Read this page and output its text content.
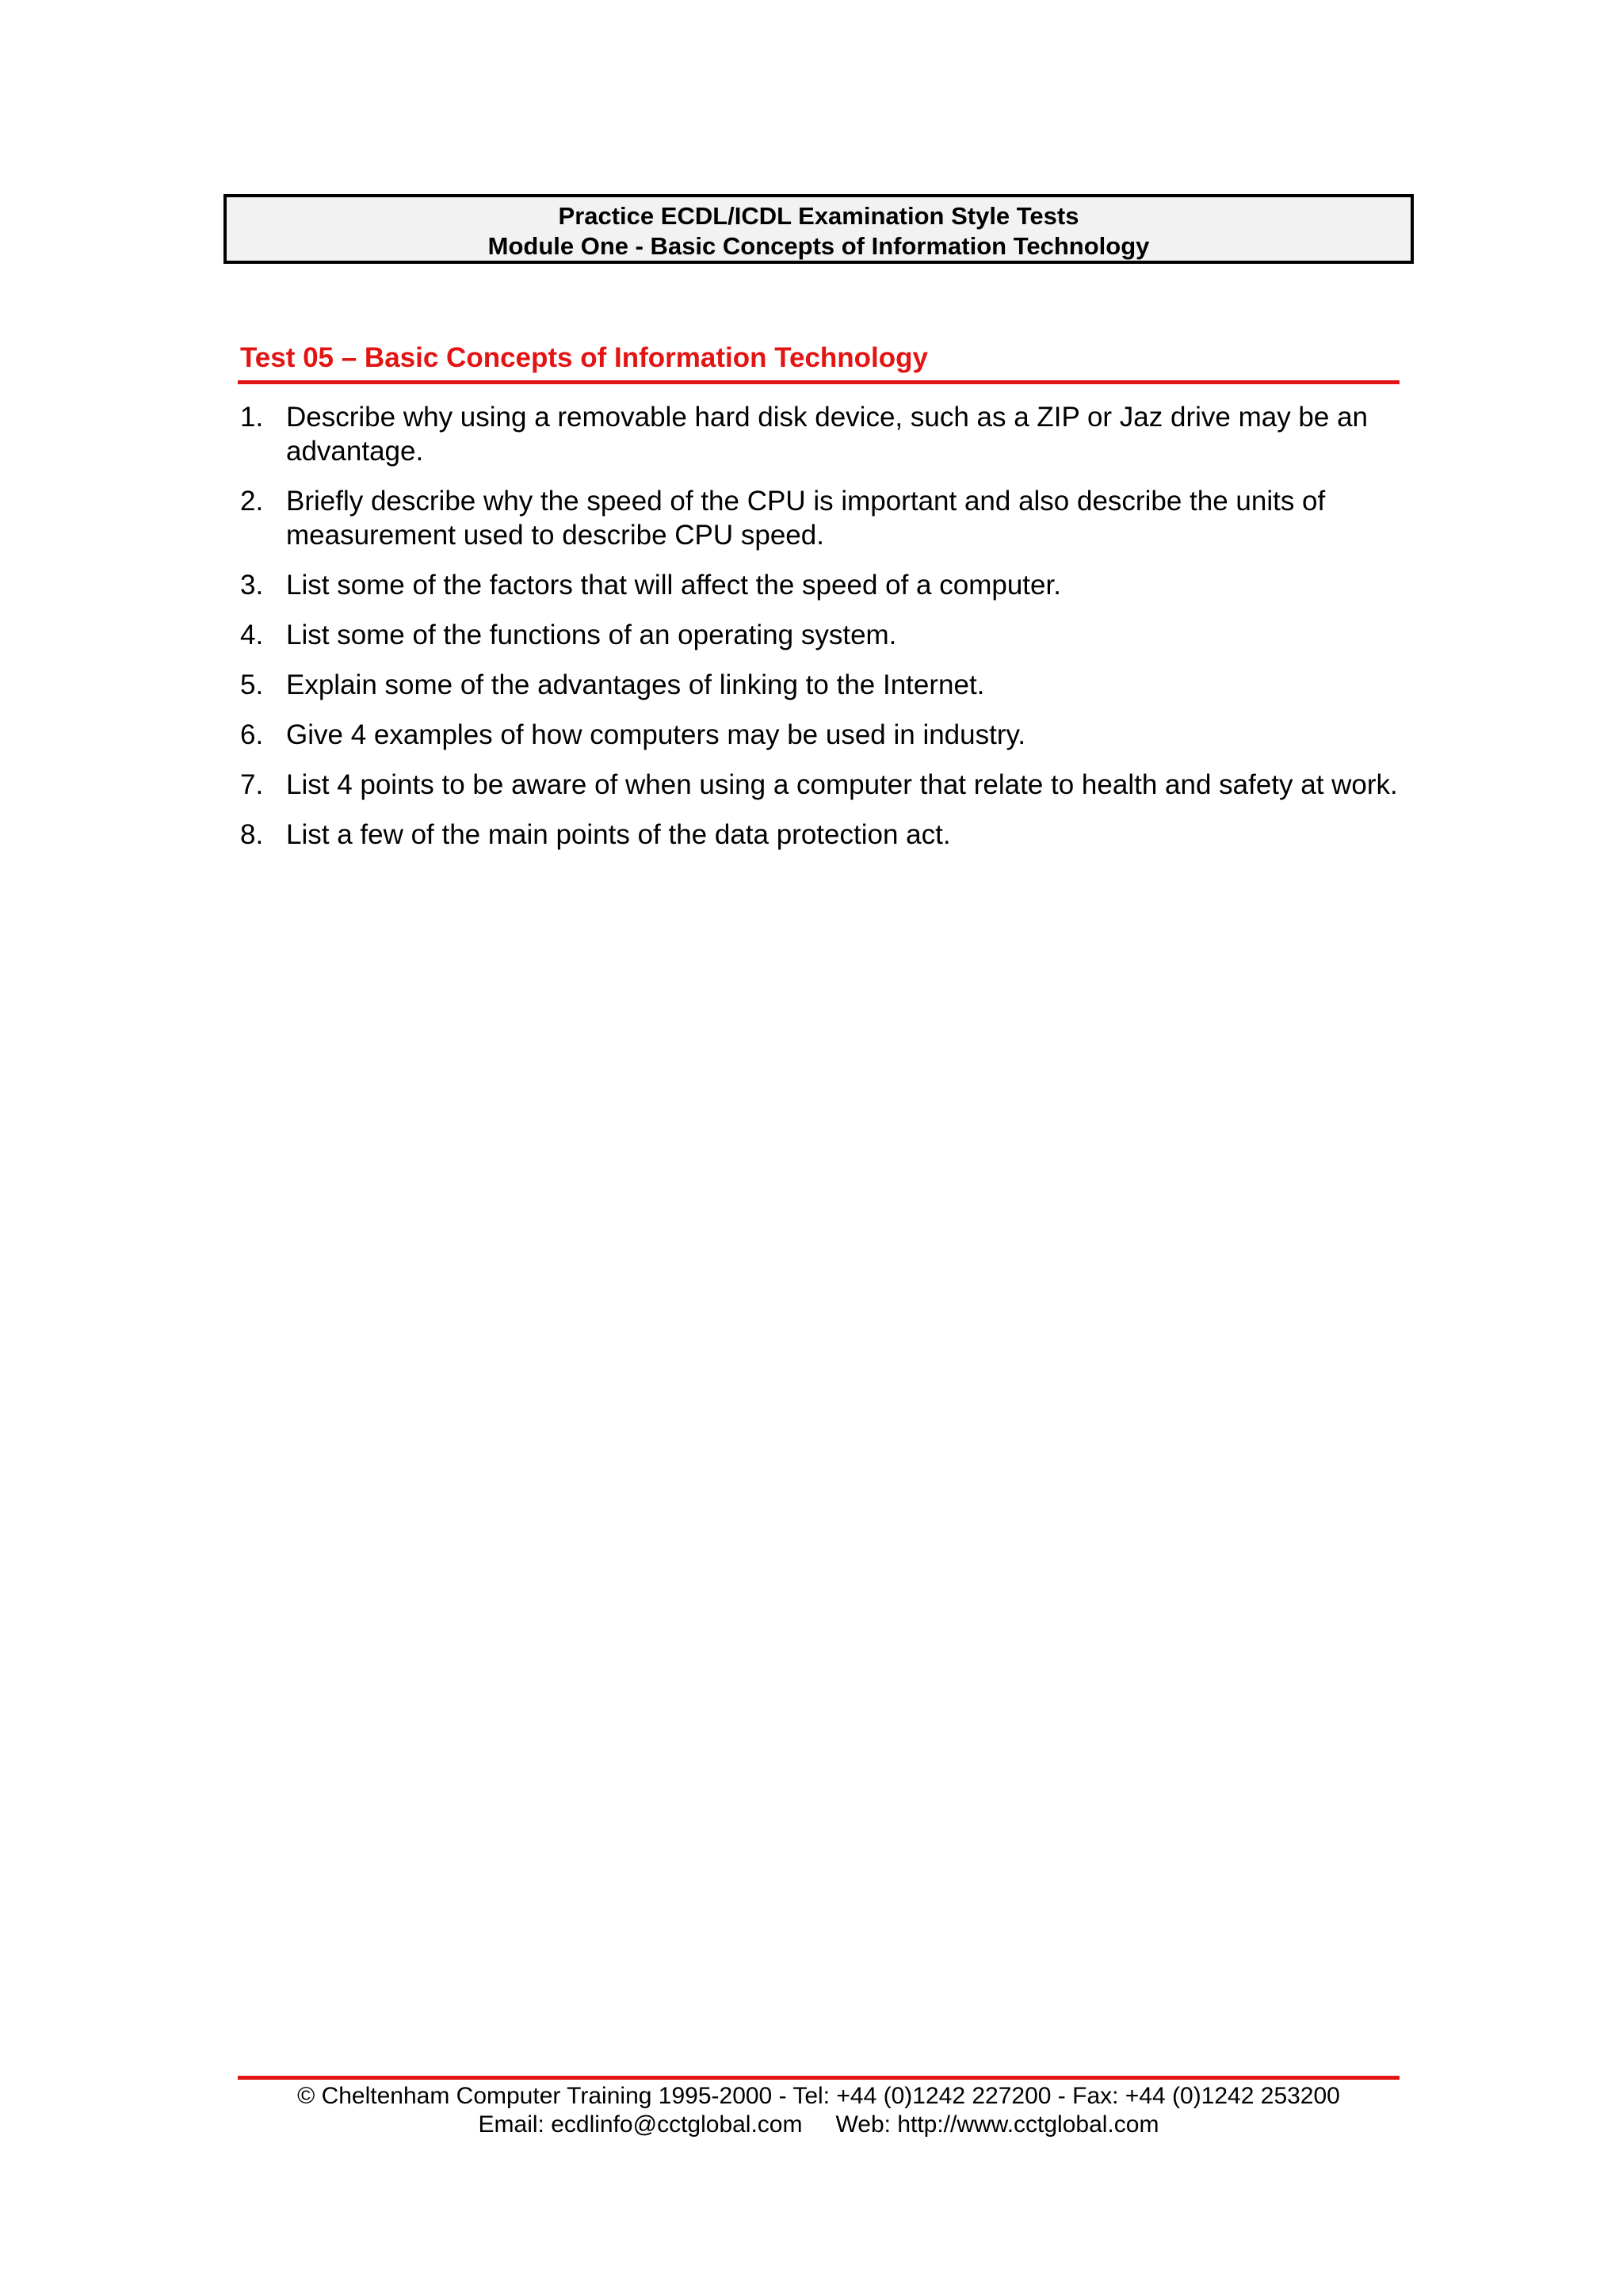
Practice ECDL/ICDL Examination Style Tests
Module One - Basic Concepts of Information Technology
Test 05 – Basic Concepts of Information Technology
1. Describe why using a removable hard disk device, such as a ZIP or Jaz drive may be an advantage.
2. Briefly describe why the speed of the CPU is important and also describe the units of measurement used to describe CPU speed.
3. List some of the factors that will affect the speed of a computer.
4. List some of the functions of an operating system.
5. Explain some of the advantages of linking to the Internet.
6. Give 4 examples of how computers may be used in industry.
7. List 4 points to be aware of when using a computer that relate to health and safety at work.
8. List a few of the main points of the data protection act.
© Cheltenham Computer Training 1995-2000 - Tel: +44 (0)1242 227200 - Fax: +44 (0)1242 253200
Email: ecdlinfo@cctglobal.com Web: http://www.cctglobal.com
